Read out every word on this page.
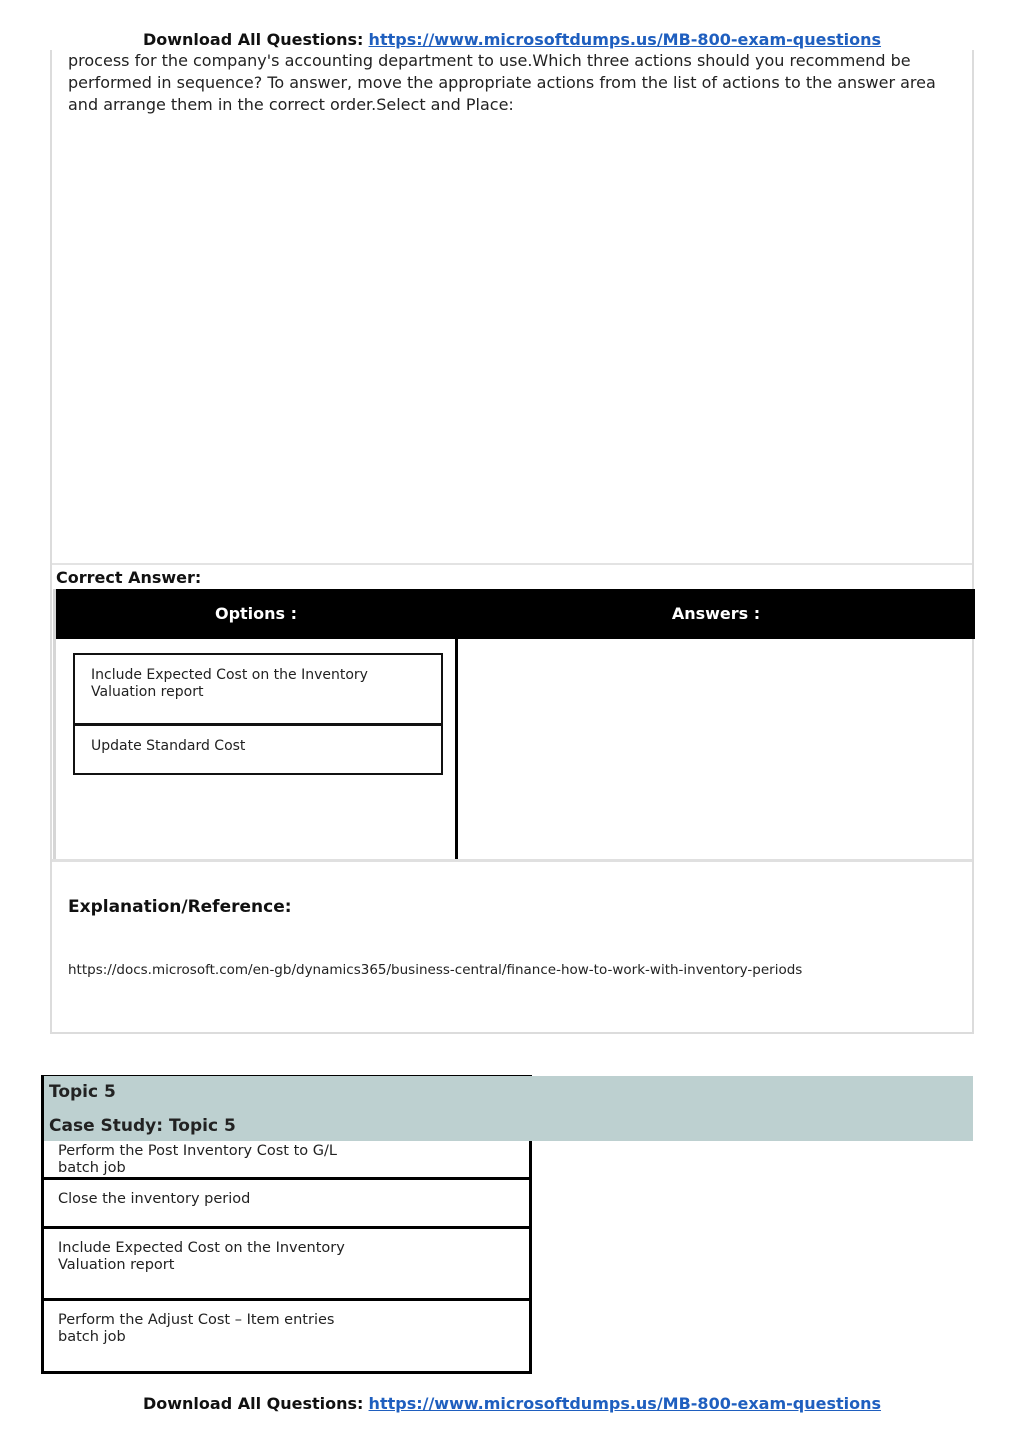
Download All Questions: https://www.microsoftdumps.us/MB-800-exam-questions
process for the company's accounting department to use.Which three actions should you recommend be performed in sequence? To answer, move the appropriate actions from the list of actions to the answer area and arrange them in the correct order.Select and Place:
Correct Answer:
Options :	Answers :
Include Expected Cost on the Inventory Valuation report
Update Standard Cost
Explanation/Reference:
https://docs.microsoft.com/en-gb/dynamics365/business-central/finance-how-to-work-with-inventory-periods
Topic 5
Case Study: Topic 5
Perform the Post Inventory Cost to G/L batch job
Close the inventory period
Include Expected Cost on the Inventory Valuation report
Perform the Adjust Cost – Item entries batch job
Download All Questions: https://www.microsoftdumps.us/MB-800-exam-questions
